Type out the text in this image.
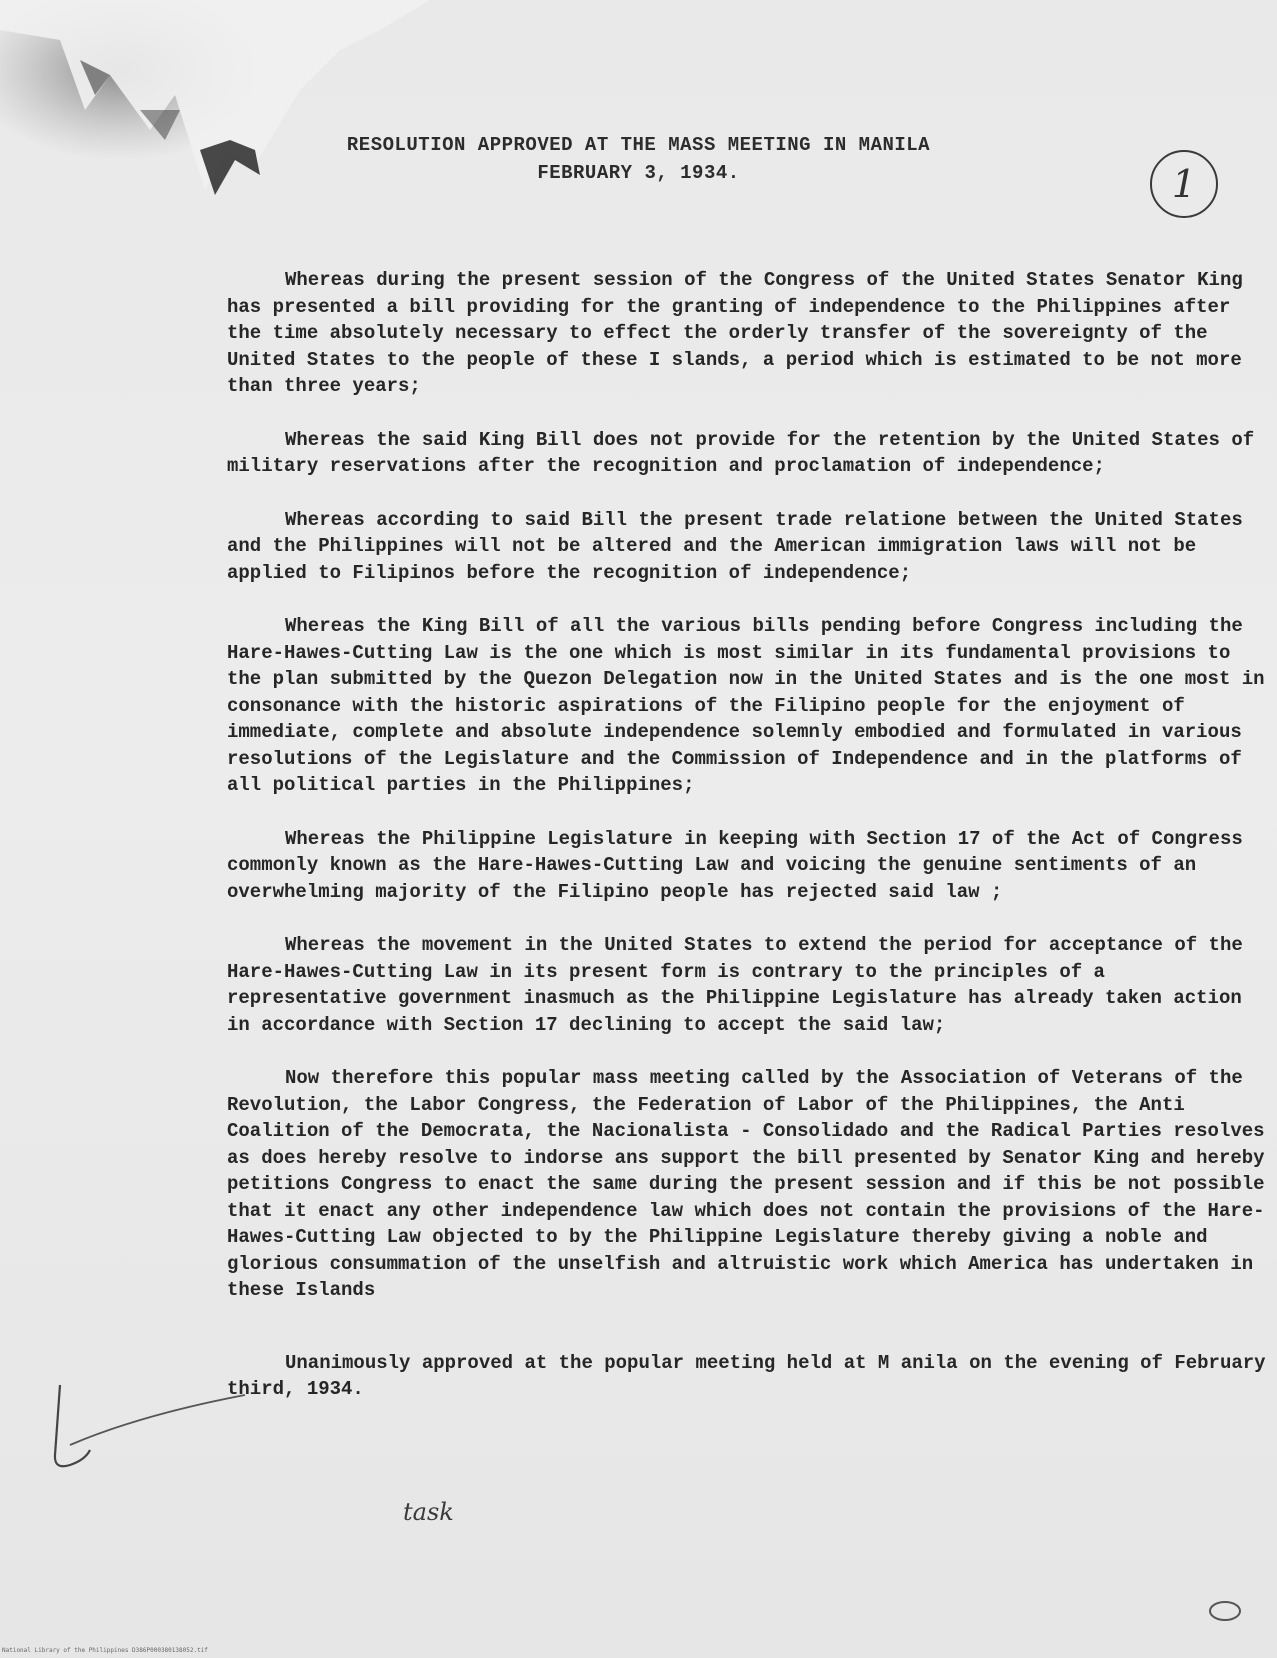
RESOLUTION APPROVED AT THE MASS MEETING IN MANILA
FEBRUARY 3, 1934.	1

Whereas during the present session of the Congress of the United States Senator King has presented a bill providing for the granting of independence to the Philippines after the time absolutely necessary to effect the orderly transfer of the sovereignty of the United States to the people of these I slands, a period which is estimated to be not more than three years;

Whereas the said King Bill does not provide for the retention by the United States of military reservations after the recognition and proclamation of independence;

Whereas according to said Bill the present trade relatione between the United States and the Philippines will not be altered and the American immigration laws will not be applied to Filipinos before the recognition of independence;

Whereas the King Bill of all the various bills pending before Congress including the Hare-Hawes-Cutting Law is the one which is most similar in its fundamental provisions to the plan submitted by the Quezon Delegation now in the United States and is the one most in consonance with the historic aspirations of the Filipino people for the enjoyment of immediate, complete and absolute independence solemnly embodied and formulated in various resolutions of the Legislature and the Commission of Independence and in the platforms of all political parties in the Philippines;

Whereas the Philippine Legislature in keeping with Section 17 of the Act of Congress commonly known as the Hare-Hawes-Cutting Law and voicing the genuine sentiments of an overwhelming majority of the Filipino people has rejected said law ;

Whereas the movement in the United States to extend the period for acceptance of the Hare-Hawes-Cutting Law in its present form is contrary to the principles of a representative government inasmuch as the Philippine Legislature has already taken action in accordance with Section 17 declining to accept the said law;

Now therefore this popular mass meeting called by the Association of Veterans of the Revolution, the Labor Congress, the Federation of Labor of the Philippines, the Anti Coalition of the Democrata, the Nacionalista - Consolidado and the Radical Parties resolves as does hereby resolve to indorse ans support the bill presented by Senator King and hereby petitions Congress to enact the same during the present session and if this be not possible that it enact any other independence law which does not contain the provisions of the Hare-Hawes-Cutting Law objected to by the Philippine Legislature thereby giving a noble and glorious consummation of the unselfish and altruistic work which America has undertaken in these Islands

Unanimously approved at the popular meeting held at M anila on the evening of February third, 1934.

task
National Library of the Philippines D386P000380138052.tif
